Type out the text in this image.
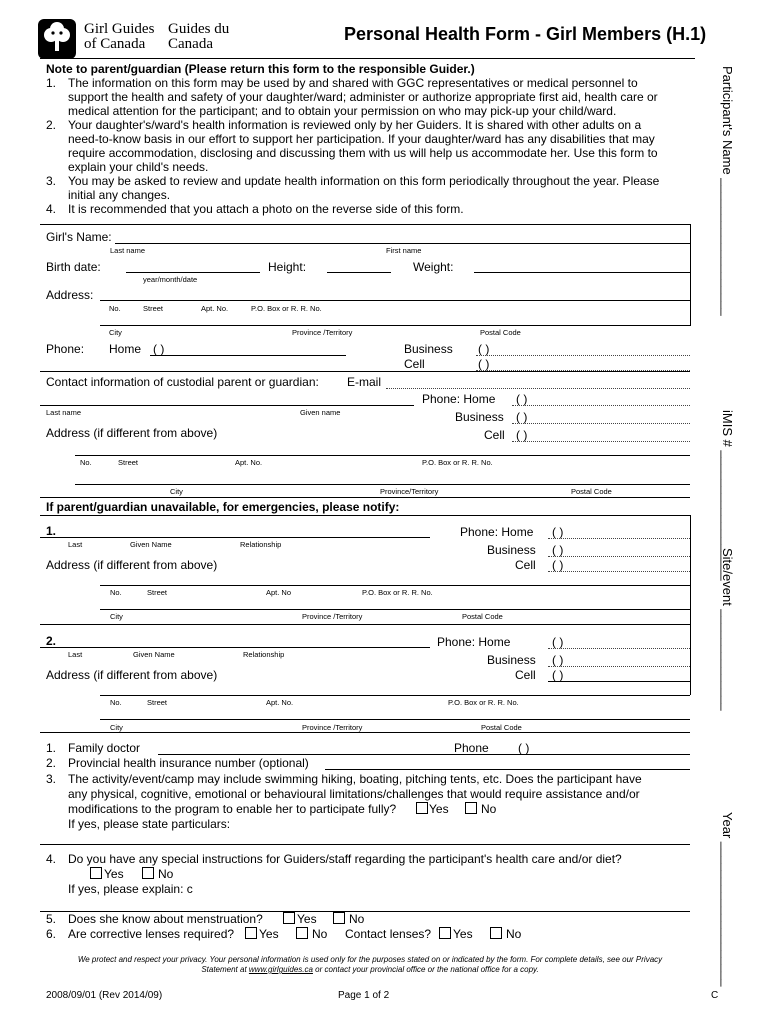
Girl Guides of Canada
Guides du Canada	Personal Health Form - Girl Members (H.1)
Participant's Name ___________________
iMIS # __________________
Site/event ______________
Year ____________________
Note to parent/guardian (Please return this form to the responsible Guider.)
1. The information on this form may be used by and shared with GGC representatives or medical personnel to
support the health and safety of your daughter/ward; administer or authorize appropriate first aid, health care or
medical attention for the participant; and to obtain your permission on who may pick-up your child/ward.
2. Your daughter's/ward's health information is reviewed only by her Guiders. It is shared with other adults on a
need-to-know basis in our effort to support her participation. If your daughter/ward has any disabilities that may
require accommodation, disclosing and discussing them with us will help us accommodate her. Use this form to
explain your child's needs.
3. You may be asked to review and update health information on this form periodically throughout the year. Please
initial any changes.
4. It is recommended that you attach a photo on the reverse side of this form.
Girl's Name:
Last name	First name
Birth date:
year/month/date
Height:	Weight:
Address:
No.	Street	Apt. No.	P.O. Box or R. R. No.
City	Province /Territory	Postal Code
Phone: Home ( )	Business ( )
Cell	( )
Contact information of custodial parent or guardian: E-mail
Phone: Home ( )
Last name	Given name	Business ( )
Address (if different from above)	Cell ( )
No.	Street	Apt. No.	P.O. Box or R. R. No.
City	Province/Territory	Postal Code
If parent/guardian unavailable, for emergencies, please notify:
1.
Last	Given Name	Relationship
Phone: Home ( )
Business ( )
Address (if different from above)	Cell ( )
No.	Street	Apt. No	P.O. Box or R. R. No.
City	Province /Territory	Postal Code
2.
Last	Given Name	Relationship
Phone: Home	( )
Business ( )
Address (if different from above)	Cell ( )
No.	Street	Apt. No.	P.O. Box or R. R. No.
City	Province /Territory	Postal Code
1. Family doctor	Phone ( )
2. Provincial health insurance number (optional)
3. The activity/event/camp may include swimming hiking, boating, pitching tents, etc. Does the participant have
any physical, cognitive, emotional or behavioural limitations/challenges that would require assistance and/or
modifications to the program to enable her to participate fully?	Yes	No
If yes, please state particulars:
4. Do you have any special instructions for Guiders/staff regarding the participant's health care and/or diet?
Yes	No
If yes, please explain: c
5. Does she know about menstruation?	Yes	No
6. Are corrective lenses required? Yes	No Contact lenses? Yes	No
We protect and respect your privacy. Your personal information is used only for the purposes stated on or indicated by the form. For complete details, see our Privacy
Statement at www.girlguides.ca or contact your provincial office or the national office for a copy.
2008/09/01 (Rev 2014/09)	Page 1 of 2	C
